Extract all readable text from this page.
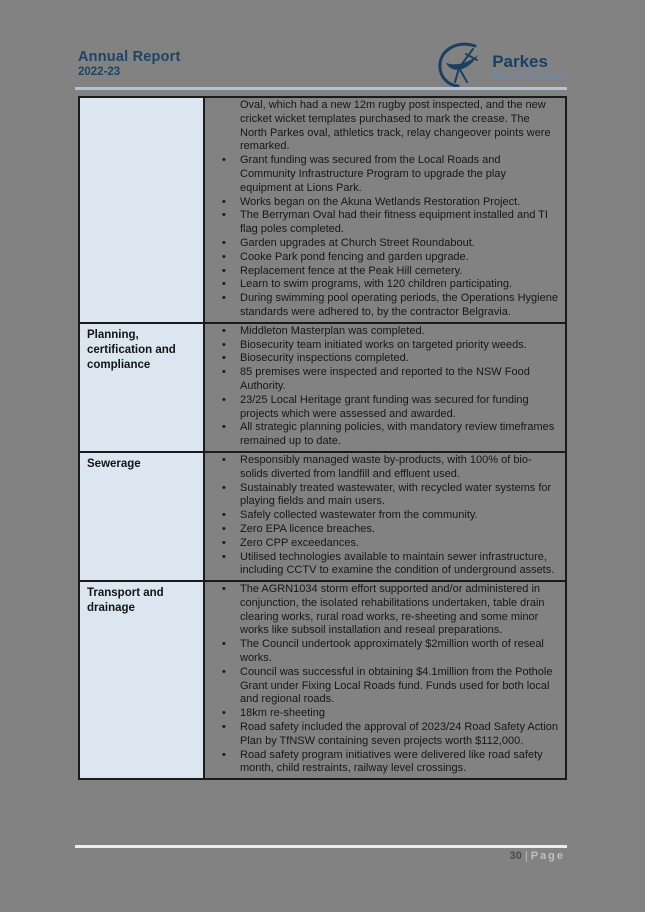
Annual Report
2022-23
Parkes
Shire Council
Oval, which had a new 12m rugby post inspected, and the new cricket wicket templates purchased to mark the crease. The North Parkes oval, athletics track, relay changeover points were remarked.
• Grant funding was secured from the Local Roads and Community Infrastructure Program to upgrade the play equipment at Lions Park.
• Works began on the Akuna Wetlands Restoration Project.
• The Berryman Oval had their fitness equipment installed and TI flag poles completed.
• Garden upgrades at Church Street Roundabout.
• Cooke Park pond fencing and garden upgrade.
• Replacement fence at the Peak Hill cemetery.
• Learn to swim programs, with 120 children participating.
• During swimming pool operating periods, the Operations Hygiene standards were adhered to, by the contractor Belgravia.
Planning, certification and compliance
• Middleton Masterplan was completed.
• Biosecurity team initiated works on targeted priority weeds.
• Biosecurity inspections completed.
• 85 premises were inspected and reported to the NSW Food Authority.
• 23/25 Local Heritage grant funding was secured for funding projects which were assessed and awarded.
• All strategic planning policies, with mandatory review timeframes remained up to date.
Sewerage	• Responsibly managed waste by-products, with 100% of bio-solids diverted from landfill and effluent used.
• Sustainably treated wastewater, with recycled water systems for playing fields and main users.
• Safely collected wastewater from the community.
• Zero EPA licence breaches.
• Zero CPP exceedances.
• Utilised technologies available to maintain sewer infrastructure, including CCTV to examine the condition of underground assets.
Transport and drainage
• The AGRN1034 storm effort supported and/or administered in conjunction, the isolated rehabilitations undertaken, table drain clearing works, rural road works, re-sheeting and some minor works like subsoil installation and reseal preparations.
• The Council undertook approximately $2million worth of reseal works.
• Council was successful in obtaining $4.1million from the Pothole Grant under Fixing Local Roads fund. Funds used for both local and regional roads.
• 18km re-sheeting
• Road safety included the approval of 2023/24 Road Safety Action Plan by TfNSW containing seven projects worth $112,000.
• Road safety program initiatives were delivered like road safety month, child restraints, railway level crossings.
30 | Page
